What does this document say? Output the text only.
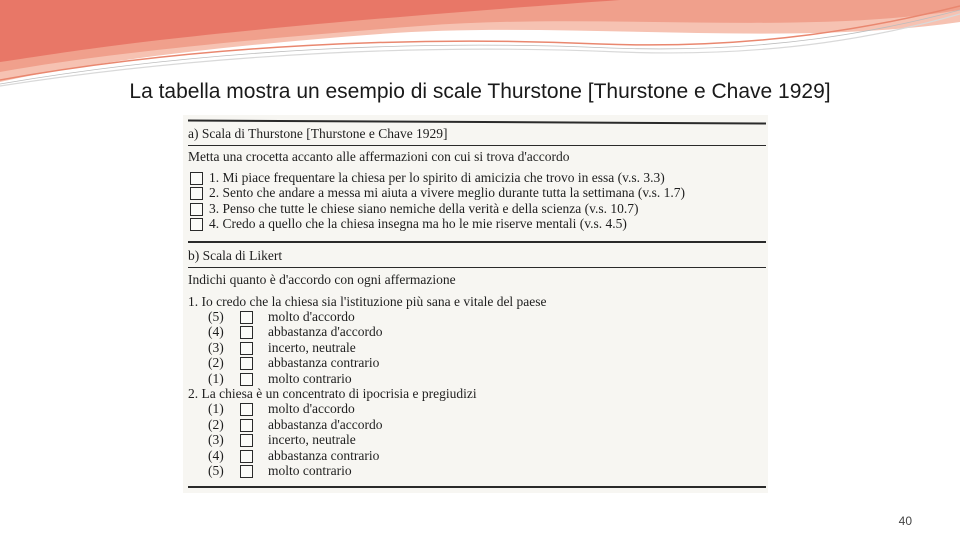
La tabella mostra un esempio di scale Thurstone [Thurstone e Chave 1929]
a) Scala di Thurstone [Thurstone e Chave 1929]
Metta una crocetta accanto alle affermazioni con cui si trova d'accordo
1. Mi piace frequentare la chiesa per lo spirito di amicizia che trovo in essa (v.s. 3.3)
2. Sento che andare a messa mi aiuta a vivere meglio durante tutta la settimana (v.s. 1.7)
3. Penso che tutte le chiese siano nemiche della verità e della scienza (v.s. 10.7)
4. Credo a quello che la chiesa insegna ma ho le mie riserve mentali (v.s. 4.5)
b) Scala di Likert
Indichi quanto è d'accordo con ogni affermazione
1. Io credo che la chiesa sia l'istituzione più sana e vitale del paese
(5)	molto d'accordo
(4)	abbastanza d'accordo
(3)	incerto, neutrale
(2)	abbastanza contrario
(1)	molto contrario
2. La chiesa è un concentrato di ipocrisia e pregiudizi
(1)	molto d'accordo
(2)	abbastanza d'accordo
(3)	incerto, neutrale
(4)	abbastanza contrario
(5)	molto contrario
40
